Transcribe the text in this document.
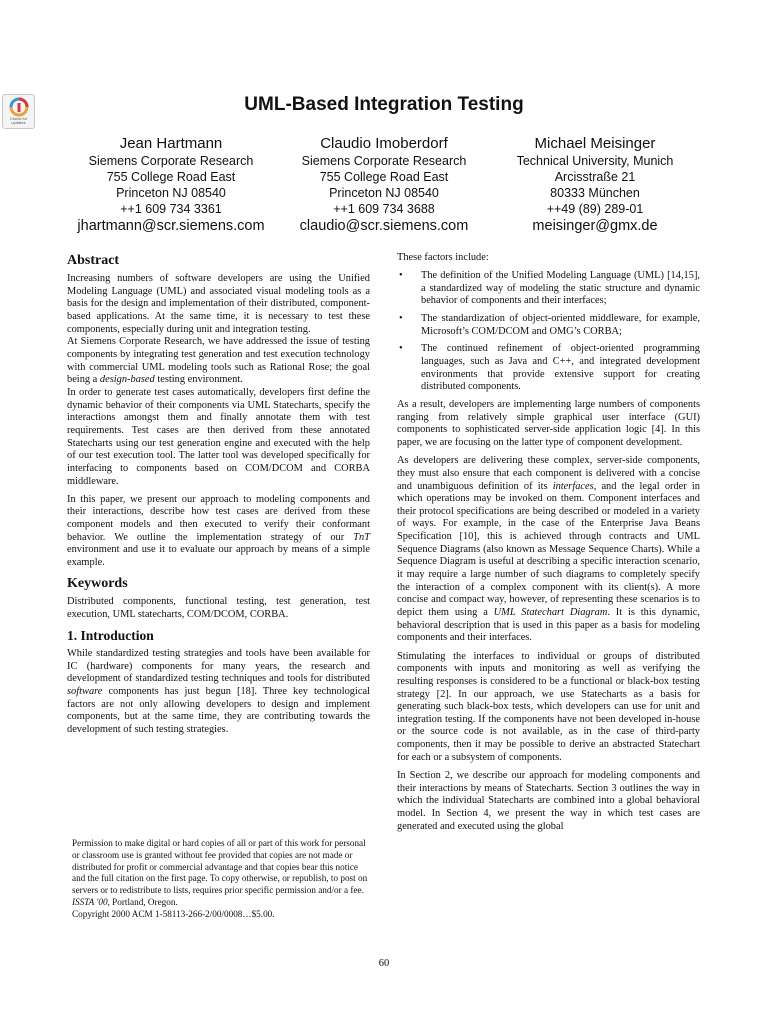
Check for
updates
UML-Based Integration Testing
Jean Hartmann
Siemens Corporate Research
755 College Road East
Princeton NJ 08540
++1 609 734 3361
jhartmann@scr.siemens.com
Claudio Imoberdorf
Siemens Corporate Research
755 College Road East
Princeton NJ 08540
++1 609 734 3688
claudio@scr.siemens.com
Michael Meisinger
Technical University, Munich
Arcisstraße 21
80333 München
++49 (89) 289-01
meisinger@gmx.de
Abstract

Increasing numbers of software developers are using the Unified Modeling Language (UML) and associated visual modeling tools as a basis for the design and implementation of their distributed, component-based applications. At the same time, it is necessary to test these components, especially during unit and integration testing.

At Siemens Corporate Research, we have addressed the issue of testing components by integrating test generation and test execution technology with commercial UML modeling tools such as Rational Rose; the goal being a design-based testing environment.

In order to generate test cases automatically, developers first define the dynamic behavior of their components via UML Statecharts, specify the interactions amongst them and finally annotate them with test requirements. Test cases are then derived from these annotated Statecharts using our test generation engine and executed with the help of our test execution tool. The latter tool was developed specifically for interfacing to components based on COM/DCOM and CORBA middleware.

In this paper, we present our approach to modeling components and their interactions, describe how test cases are derived from these component models and then executed to verify their conformant behavior. We outline the implementation strategy of our TnT environment and use it to evaluate our approach by means of a simple example.

Keywords

Distributed components, functional testing, test generation, test execution, UML statecharts, COM/DCOM, CORBA.

1. Introduction

While standardized testing strategies and tools have been available for IC (hardware) components for many years, the research and development of standardized testing techniques and tools for distributed software components has just begun [18]. Three key technological factors are not only allowing developers to design and implement components, but at the same time, they are contributing towards the development of such testing strategies.

Permission to make digital or hard copies of all or part of this work for personal or classroom use is granted without fee provided that copies are not made or distributed for profit or commercial advantage and that copies bear this notice and the full citation on the first page. To copy otherwise, or republish, to post on servers or to redistribute to lists, requires prior specific permission and/or a fee.
ISSTA '00, Portland, Oregon.
Copyright 2000 ACM 1-58113-266-2/00/0008…$5.00.

These factors include:

• The definition of the Unified Modeling Language (UML) [14,15], a standardized way of modeling the static structure and dynamic behavior of components and their interfaces;
• The standardization of object-oriented middleware, for example, Microsoft’s COM/DCOM and OMG’s CORBA;
• The continued refinement of object-oriented programming languages, such as Java and C++, and integrated development environments that provide extensive support for creating distributed components.

As a result, developers are implementing large numbers of components ranging from relatively simple graphical user interface (GUI) components to sophisticated server-side application logic [4]. In this paper, we are focusing on the latter type of component development.

As developers are delivering these complex, server-side components, they must also ensure that each component is delivered with a concise and unambiguous definition of its interfaces, and the legal order in which operations may be invoked on them. Component interfaces and their protocol specifications are being described or modeled in a variety of ways. For example, in the case of the Enterprise Java Beans Specification [10], this is achieved through contracts and UML Sequence Diagrams (also known as Message Sequence Charts). While a Sequence Diagram is useful at describing a specific interaction scenario, it may require a large number of such diagrams to completely specify the interaction of a complex component with its client(s). A more concise and compact way, however, of representing these scenarios is to depict them using a UML Statechart Diagram. It is this dynamic, behavioral description that is used in this paper as a basis for modeling components and their interfaces.

Stimulating the interfaces to individual or groups of distributed components with inputs and monitoring as well as verifying the resulting responses is considered to be a functional or black-box testing strategy [2]. In our approach, we use Statecharts as a basis for generating such black-box tests, which developers can use for unit and integration testing. If the components have not been developed in-house or the source code is not available, as in the case of third-party components, then it may be possible to derive an abstracted Statechart for each or a subsystem of components.

In Section 2, we describe our approach for modeling components and their interactions by means of Statecharts. Section 3 outlines the way in which the individual Statecharts are combined into a global behavioral model. In Section 4, we present the way in which test cases are generated and executed using the global

60
